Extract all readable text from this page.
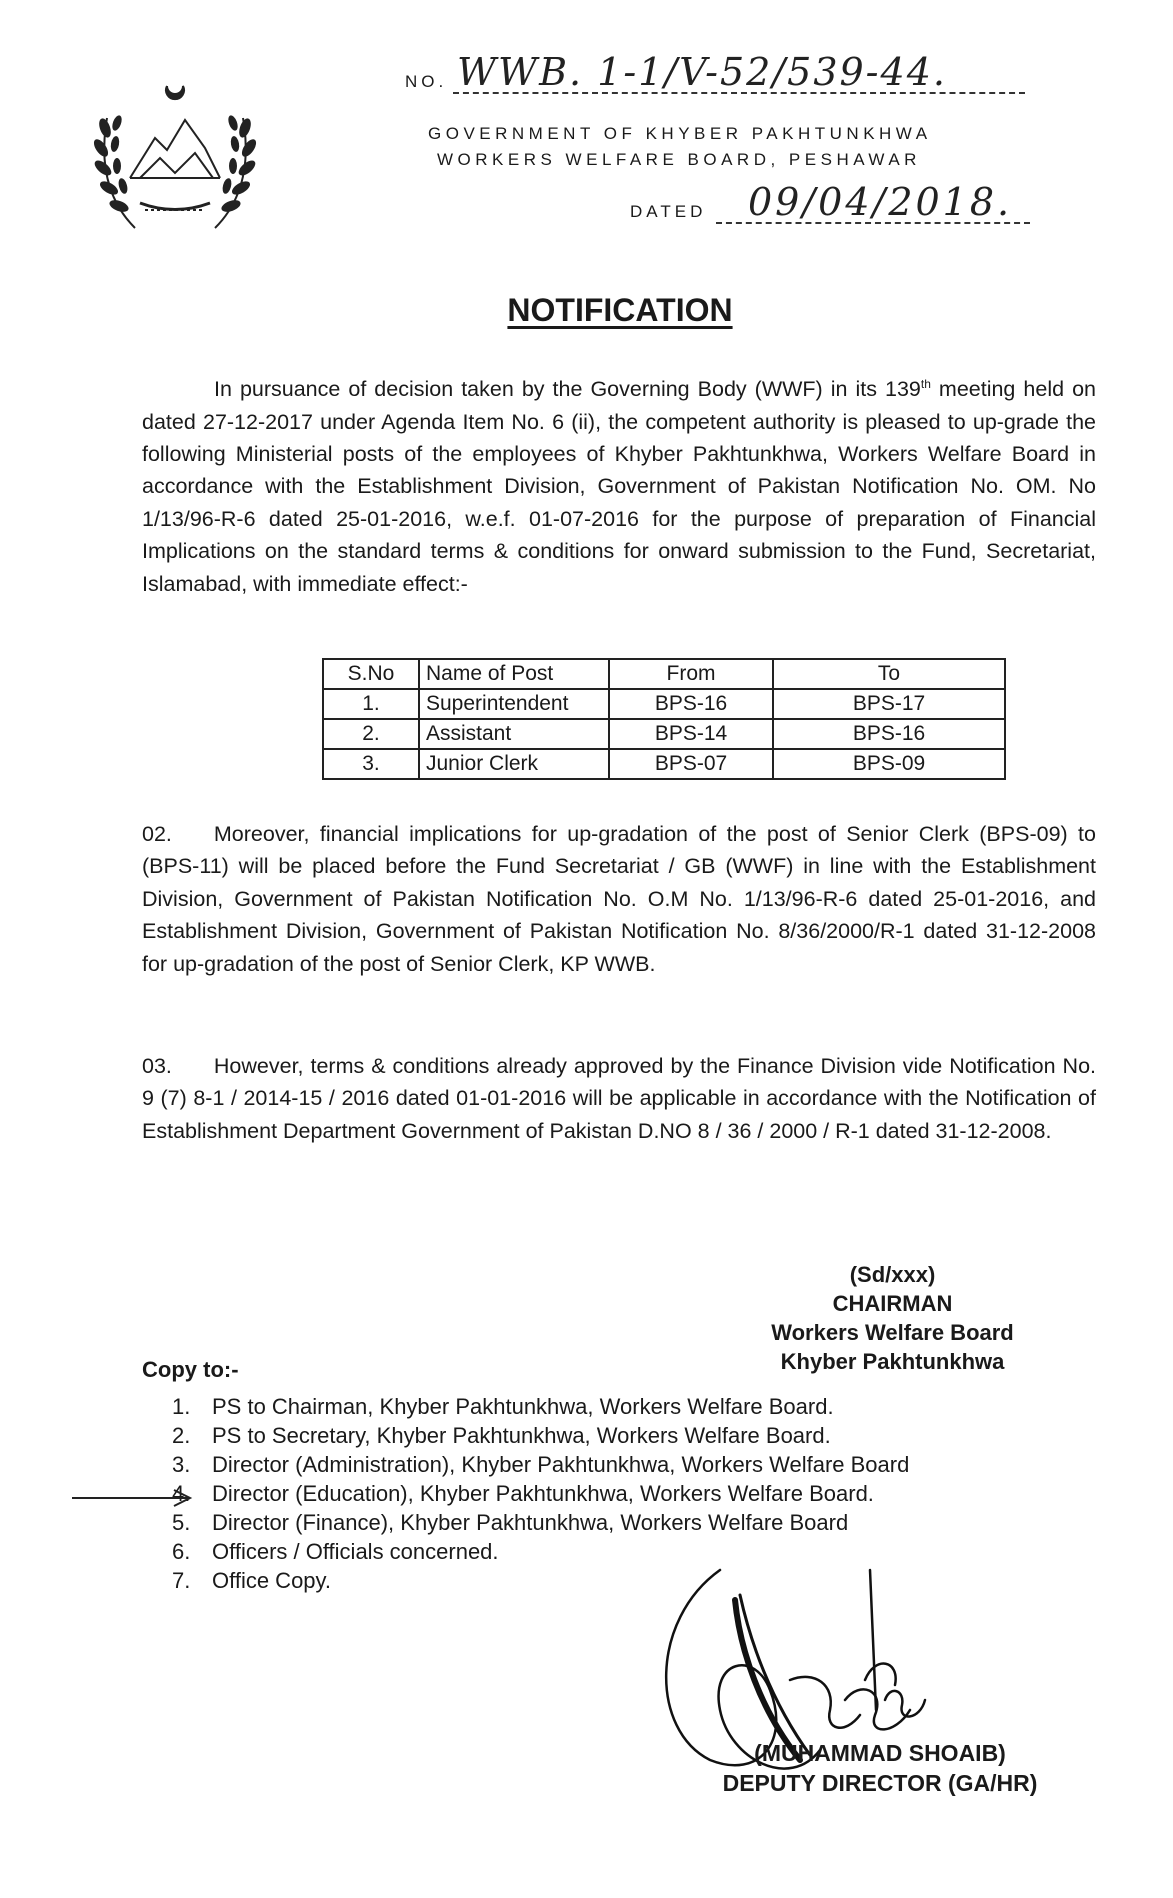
NO. WWB. 1-1/V-52/539-44.
GOVERNMENT OF KHYBER PAKHTUNKHWA
WORKERS WELFARE BOARD, PESHAWAR
DATED 09/04/2018.
NOTIFICATION
In pursuance of decision taken by the Governing Body (WWF) in its 139th meeting held on dated 27-12-2017 under Agenda Item No. 6 (ii), the competent authority is pleased to up-grade the following Ministerial posts of the employees of Khyber Pakhtunkhwa, Workers Welfare Board in accordance with the Establishment Division, Government of Pakistan Notification No. OM. No 1/13/96-R-6 dated 25-01-2016, w.e.f. 01-07-2016 for the purpose of preparation of Financial Implications on the standard terms & conditions for onward submission to the Fund, Secretariat, Islamabad, with immediate effect:-
S.No	Name of Post	From	To
1.	Superintendent	BPS-16	BPS-17
2.	Assistant	BPS-14	BPS-16
3.	Junior Clerk	BPS-07	BPS-09
02. Moreover, financial implications for up-gradation of the post of Senior Clerk (BPS-09) to (BPS-11) will be placed before the Fund Secretariat / GB (WWF) in line with the Establishment Division, Government of Pakistan Notification No. O.M No. 1/13/96-R-6 dated 25-01-2016, and Establishment Division, Government of Pakistan Notification No. 8/36/2000/R-1 dated 31-12-2008 for up-gradation of the post of Senior Clerk, KP WWB.
03. However, terms & conditions already approved by the Finance Division vide Notification No. 9 (7) 8-1 / 2014-15 / 2016 dated 01-01-2016 will be applicable in accordance with the Notification of Establishment Department Government of Pakistan D.NO 8 / 36 / 2000 / R-1 dated 31-12-2008.
(Sd/xxx)
CHAIRMAN
Workers Welfare Board
Khyber Pakhtunkhwa
Copy to:-
1. PS to Chairman, Khyber Pakhtunkhwa, Workers Welfare Board.
2. PS to Secretary, Khyber Pakhtunkhwa, Workers Welfare Board.
3. Director (Administration), Khyber Pakhtunkhwa, Workers Welfare Board
4. Director (Education), Khyber Pakhtunkhwa, Workers Welfare Board.
5. Director (Finance), Khyber Pakhtunkhwa, Workers Welfare Board
6. Officers / Officials concerned.
7. Office Copy.
(MUHAMMAD SHOAIB)
DEPUTY DIRECTOR (GA/HR)
